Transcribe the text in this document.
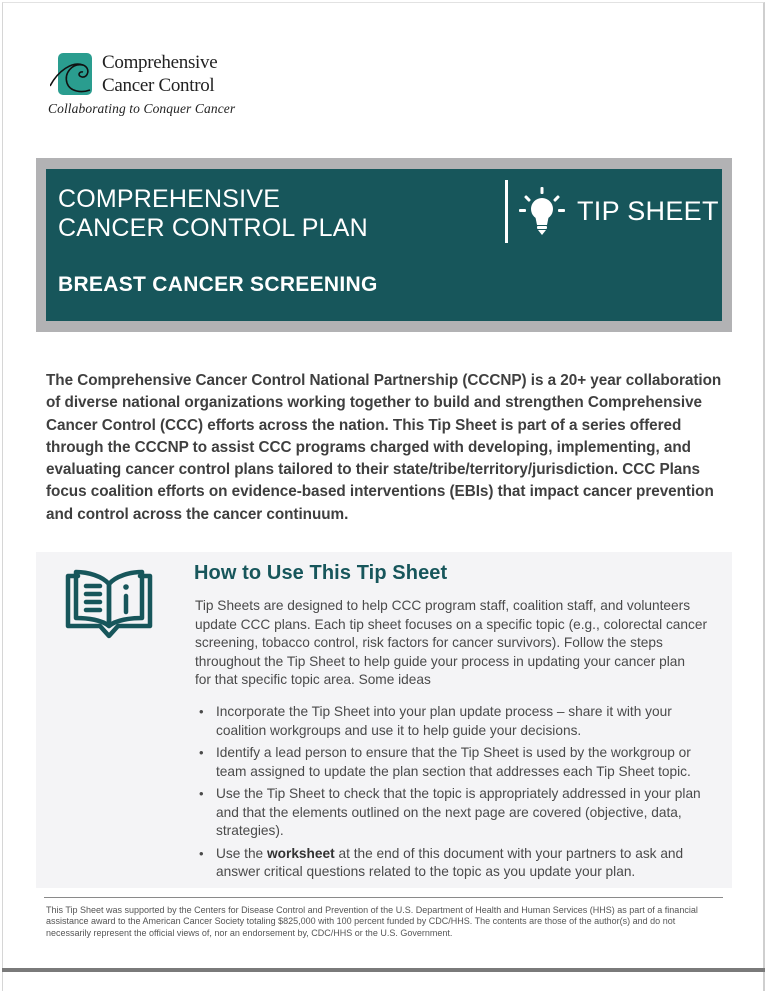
Comprehensive
Cancer Control
Collaborating to Conquer Cancer
COMPREHENSIVE
CANCER CONTROL PLAN
BREAST CANCER SCREENING
TIP SHEET
The Comprehensive Cancer Control National Partnership (CCCNP) is a 20+ year collaboration
of diverse national organizations working together to build and strengthen Comprehensive
Cancer Control (CCC) efforts across the nation. This Tip Sheet is part of a series offered
through the CCCNP to assist CCC programs charged with developing, implementing, and
evaluating cancer control plans tailored to their state/tribe/territory/jurisdiction. CCC Plans
focus coalition efforts on evidence-based interventions (EBIs) that impact cancer prevention
and control across the cancer continuum.
How to Use This Tip Sheet
Tip Sheets are designed to help CCC program staff, coalition staff, and volunteers
update CCC plans. Each tip sheet focuses on a specific topic (e.g., colorectal cancer
screening, tobacco control, risk factors for cancer survivors). Follow the steps
throughout the Tip Sheet to help guide your process in updating your cancer plan
for that specific topic area. Some ideas
• Incorporate the Tip Sheet into your plan update process – share it with your
coalition workgroups and use it to help guide your decisions.
• Identify a lead person to ensure that the Tip Sheet is used by the workgroup or
team assigned to update the plan section that addresses each Tip Sheet topic.
• Use the Tip Sheet to check that the topic is appropriately addressed in your plan
and that the elements outlined on the next page are covered (objective, data,
strategies).
• Use the worksheet at the end of this document with your partners to ask and
answer critical questions related to the topic as you update your plan.
This Tip Sheet was supported by the Centers for Disease Control and Prevention of the U.S. Department of Health and Human Services (HHS) as part of a financial
assistance award to the American Cancer Society totaling $825,000 with 100 percent funded by CDC/HHS. The contents are those of the author(s) and do not
necessarily represent the official views of, nor an endorsement by, CDC/HHS or the U.S. Government.
